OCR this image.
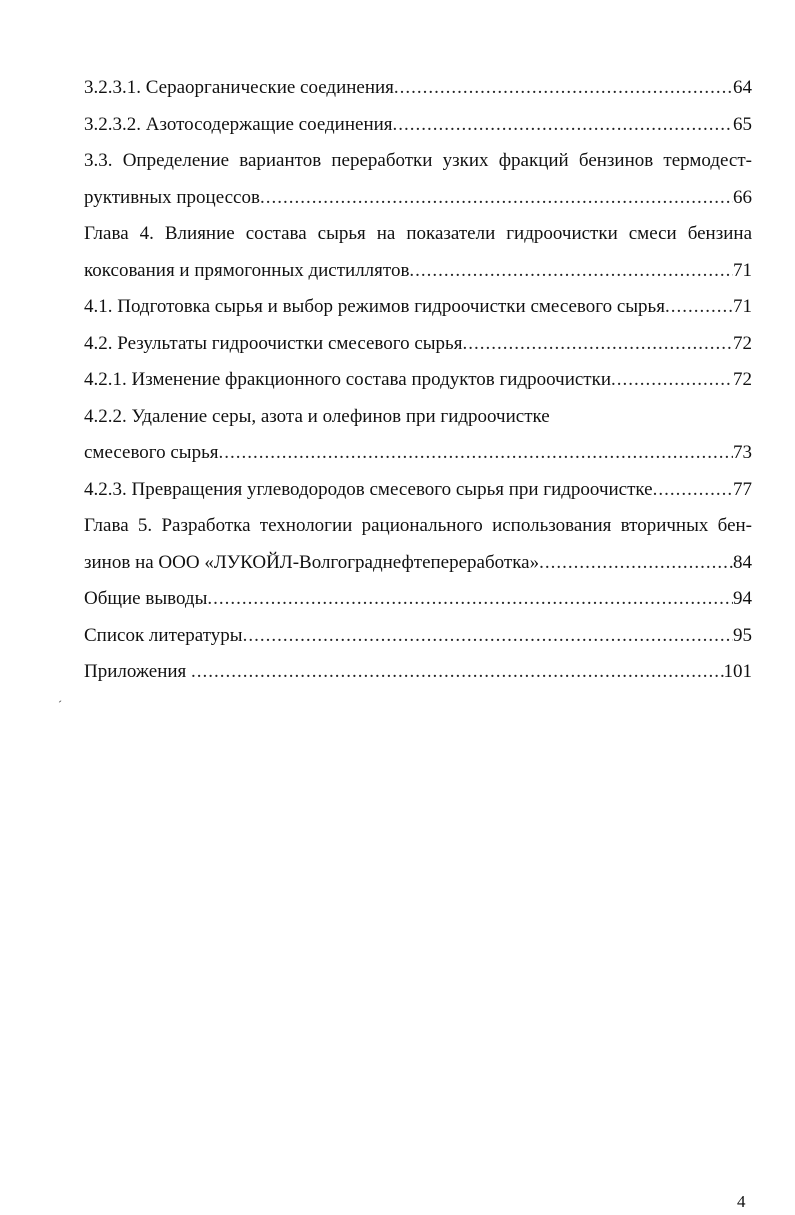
3.2.3.1. Сераорганические соединения .....	64
3.2.3.2. Азотосодержащие соединения .....	65
3.3. Определение вариантов переработки узких фракций бензинов термодест-
руктивных процессов .....	66
Глава 4. Влияние состава сырья на показатели гидроочистки смеси бензина
коксования и прямогонных дистиллятов .....	71
4.1. Подготовка сырья и выбор режимов гидроочистки смесевого сырья .....	71
4.2. Результаты гидроочистки смесевого сырья .....	72
4.2.1. Изменение фракционного состава продуктов гидроочистки .....	72
4.2.2. Удаление серы, азота и олефинов при гидроочистке
смесевого сырья .....	73
4.2.3. Превращения углеводородов смесевого сырья при гидроочистке .....	77
Глава 5. Разработка технологии рационального использования вторичных бен-
зинов на ООО «ЛУКОЙЛ-Волгограднефтепереработка» .....	84
Общие выводы .....	94
Список литературы .....	95
Приложения .....	101
´
4
